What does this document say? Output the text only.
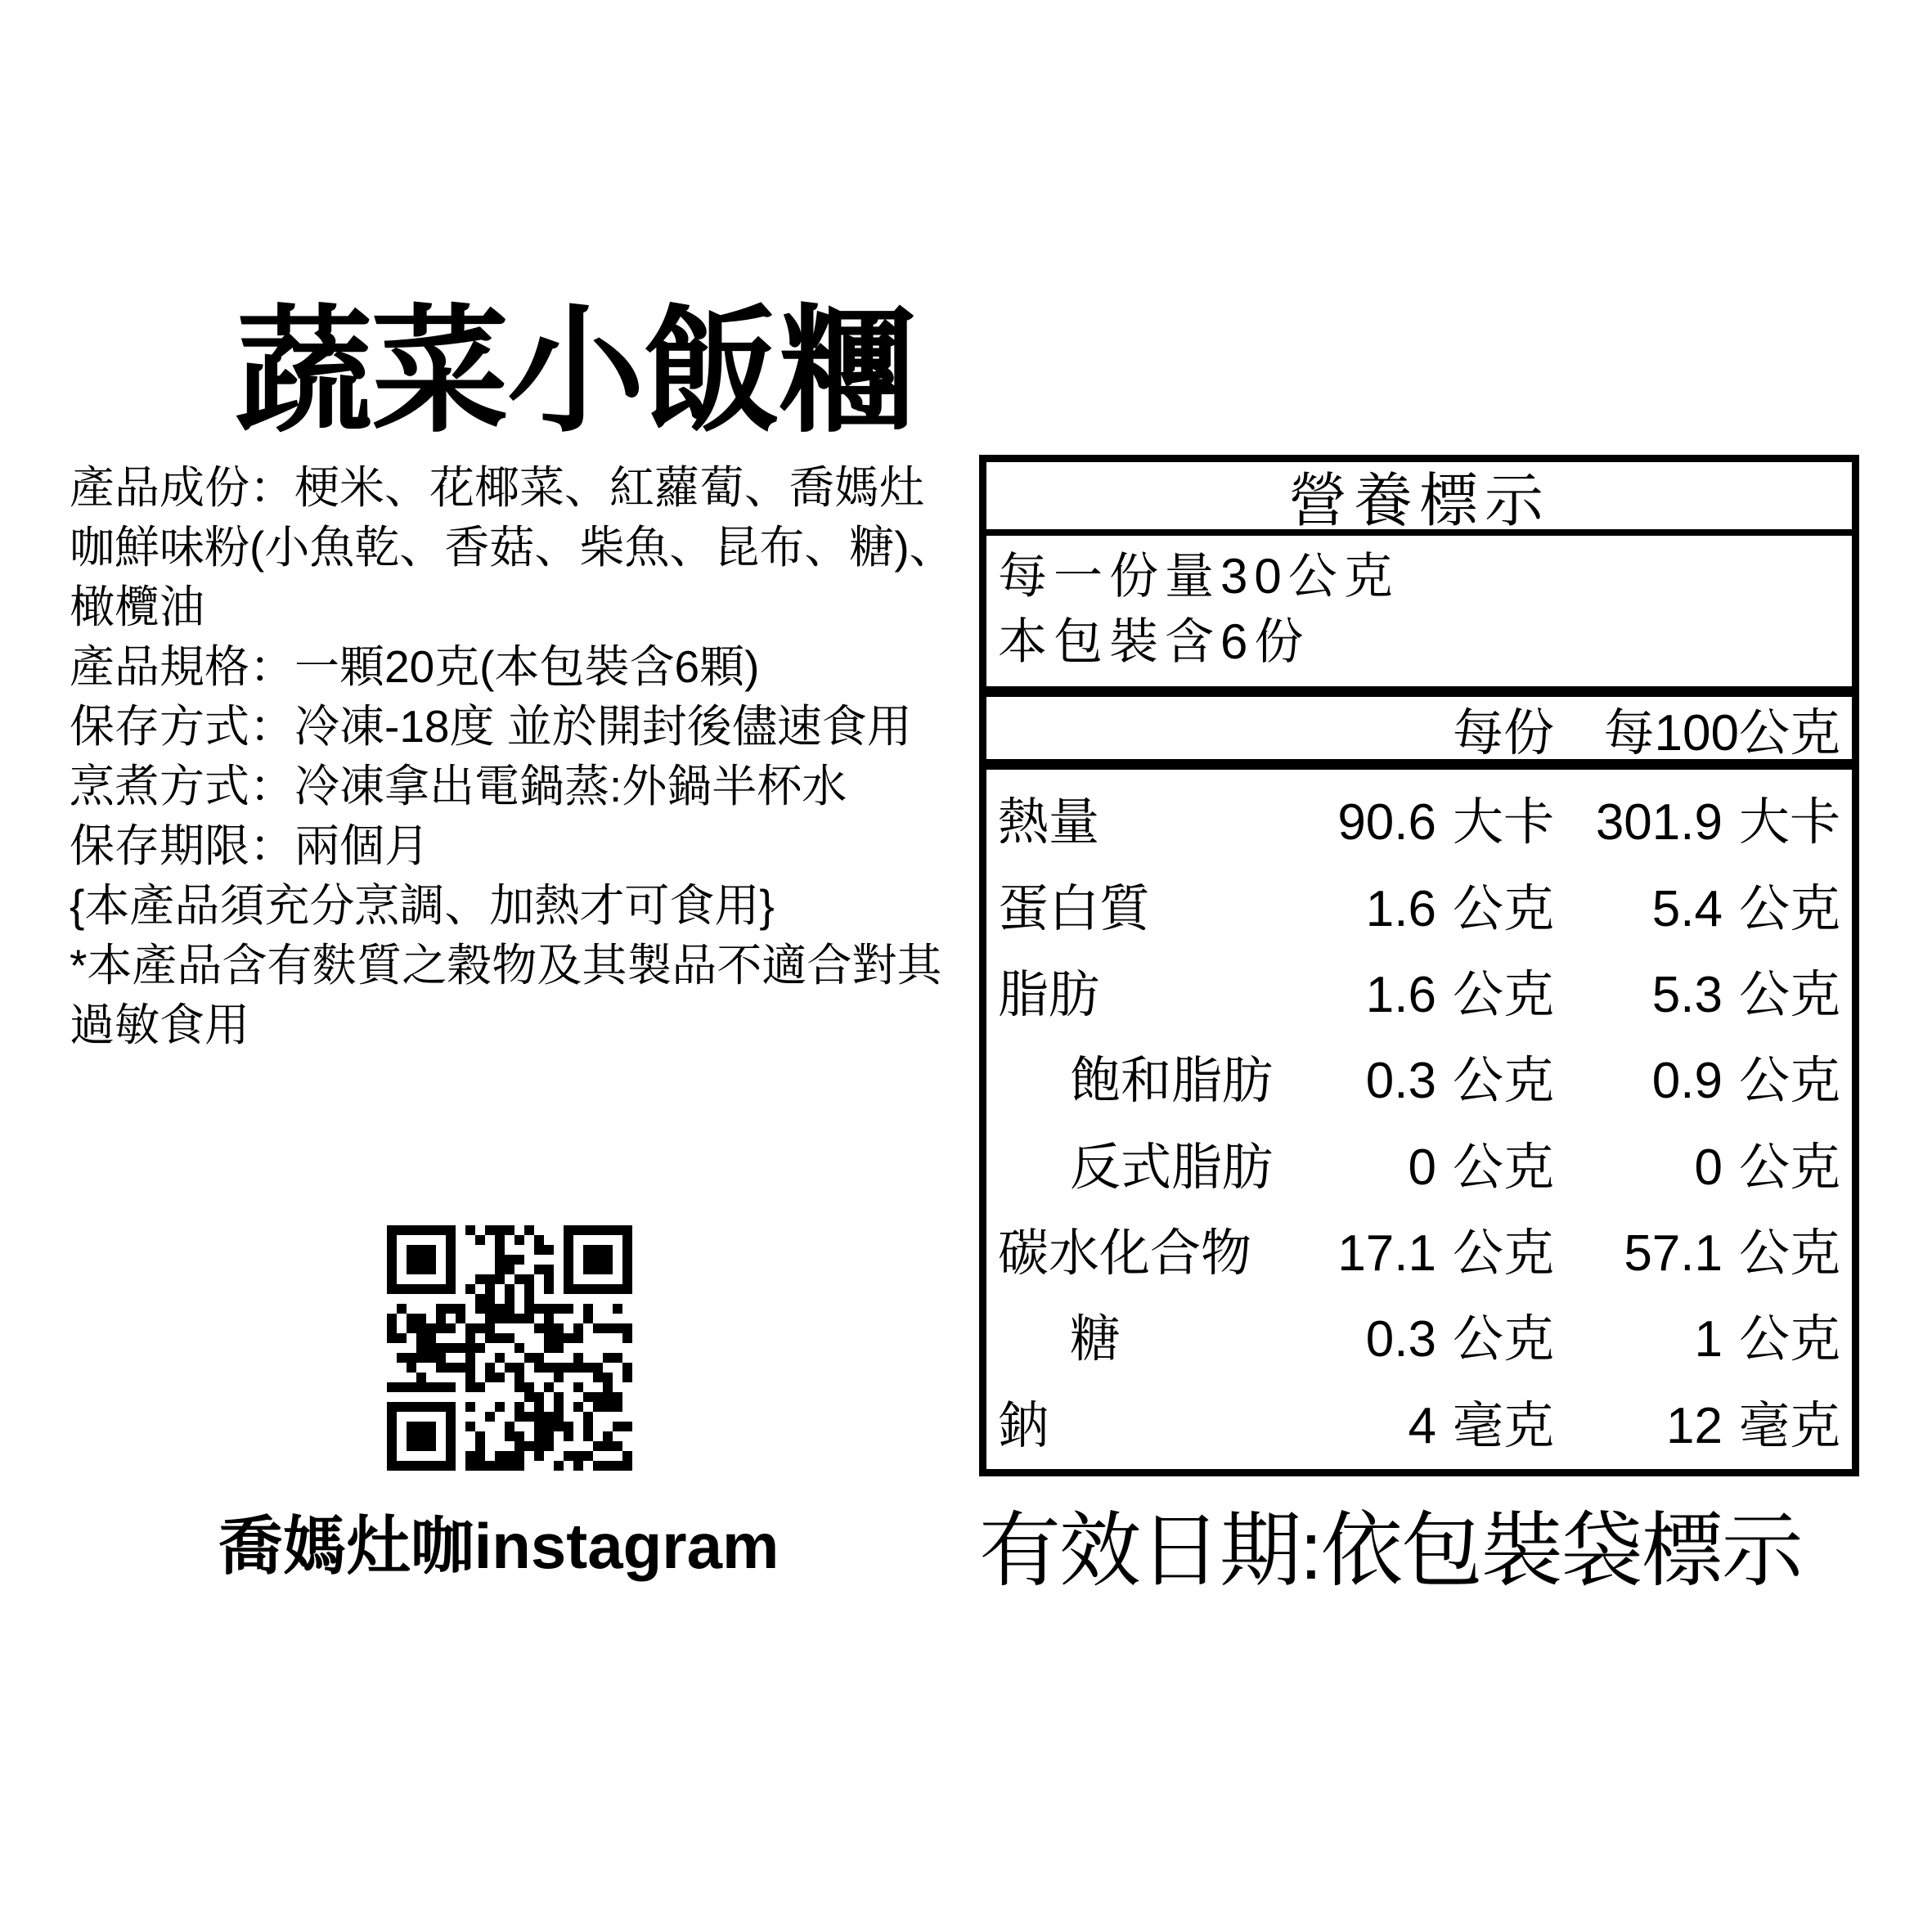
蔬菜小飯糰
產品成份：梗米、花椰菜、紅蘿蔔、喬媽灶
咖鮮味粉(小魚乾、香菇、柴魚、昆布、糖)、
橄欖油
產品規格：一顆20克(本包裝含6顆)
保存方式：冷凍-18度 並於開封後儘速食用
烹煮方式：冷凍拿出電鍋蒸:外鍋半杯水
保存期限：兩個月
{本產品須充分烹調、加熱才可食用}
*本產品含有麩質之穀物及其製品不適合對其
過敏食用
喬媽灶咖instagram
營養標示
每一份量30公克
本包裝含6份
每份 每100公克
熱量	90.6 大卡 301.9 大卡
蛋白質	1.6 公克	5.4 公克
脂肪	1.6 公克	5.3 公克
飽和脂肪	0.3 公克	0.9 公克
反式脂肪	0 公克	0 公克
碳水化合物	17.1 公克	57.1 公克
糖	0.3 公克	1 公克
鈉	4 毫克	12 毫克
有效日期:依包裝袋標示
